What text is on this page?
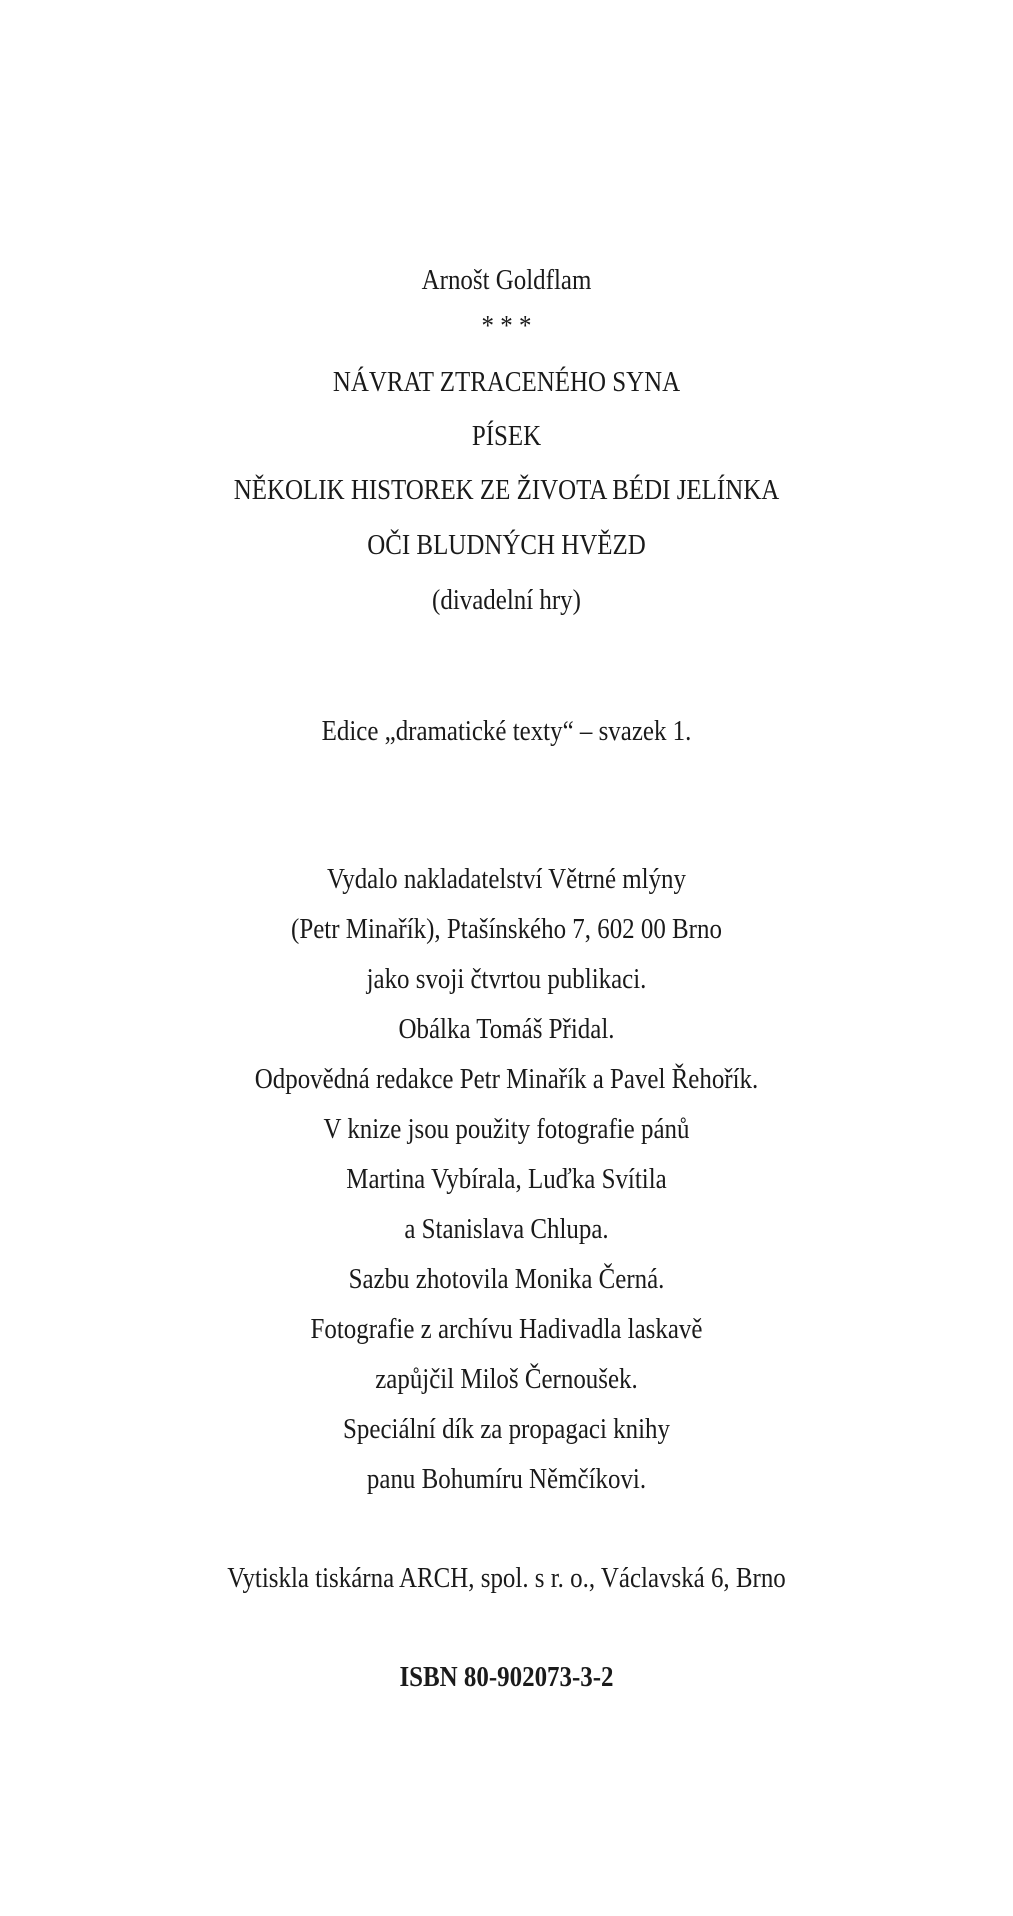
Arnošt Goldflam
* * *
NÁVRAT ZTRACENÉHO SYNA
PÍSEK
NĚKOLIK HISTOREK ZE ŽIVOTA BÉDI JELÍNKA
OČI BLUDNÝCH HVĚZD
(divadelní hry)
Edice „dramatické texty“ – svazek 1.
Vydalo nakladatelství Větrné mlýny
(Petr Minařík), Ptašínského 7, 602 00 Brno
jako svoji čtvrtou publikaci.
Obálka Tomáš Přidal.
Odpovědná redakce Petr Minařík a Pavel Řehořík.
V knize jsou použity fotografie pánů
Martina Vybírala, Luďka Svítila
a Stanislava Chlupa.
Sazbu zhotovila Monika Černá.
Fotografie z archívu Hadivadla laskavě
zapůjčil Miloš Černoušek.
Speciální dík za propagaci knihy
panu Bohumíru Němčíkovi.
Vytiskla tiskárna ARCH, spol. s r. o., Václavská 6, Brno
ISBN 80-902073-3-2
